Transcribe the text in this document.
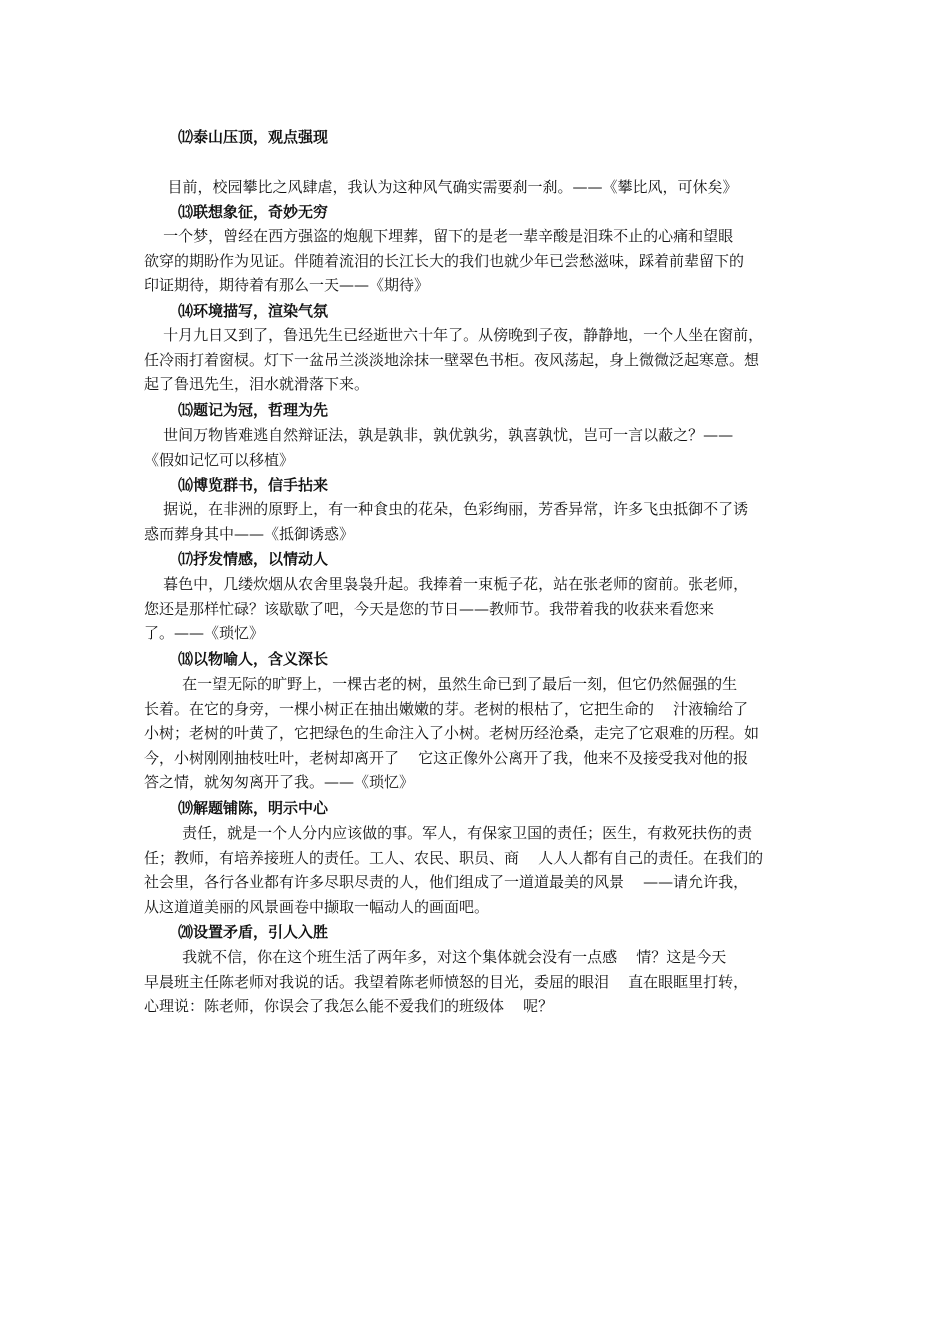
⑿泰山压顶，观点强现
目前，校园攀比之风肆虐，我认为这种风气确实需要刹一刹。——《攀比风，可休矣》
⒀联想象征，奇妙无穷
一个梦，曾经在西方强盗的炮舰下埋葬，留下的是老一辈辛酸是泪珠不止的心痛和望眼
欲穿的期盼作为见证。伴随着流泪的长江长大的我们也就少年已尝愁滋味，踩着前辈留下的
印证期待，期待着有那么一天——《期待》
⒁环境描写，渲染气氛
十月九日又到了，鲁迅先生已经逝世六十年了。从傍晚到子夜，静静地，一个人坐在窗前，
任冷雨打着窗棂。灯下一盆吊兰淡淡地涂抹一壁翠色书柜。夜风荡起，身上微微泛起寒意。想
起了鲁迅先生，泪水就滑落下来。
⒂题记为冠，哲理为先
世间万物皆难逃自然辩证法，孰是孰非，孰优孰劣，孰喜孰忧，岂可一言以蔽之？——
《假如记忆可以移植》
⒃博览群书，信手拈来
据说，在非洲的原野上，有一种食虫的花朵，色彩绚丽，芳香异常，许多飞虫抵御不了诱
惑而葬身其中——《抵御诱惑》
⒄抒发情感，以情动人
暮色中，几缕炊烟从农舍里袅袅升起。我捧着一束栀子花，站在张老师的窗前。张老师，
您还是那样忙碌？该歇歇了吧，今天是您的节日——教师节。我带着我的收获来看您来
了。——《琐忆》
⒅以物喻人，含义深长
在一望无际的旷野上，一棵古老的树，虽然生命已到了最后一刻，但它仍然倔强的生
长着。在它的身旁，一棵小树正在抽出嫩嫩的芽。老树的根枯了，它把生命的    汁液输给了
小树；老树的叶黄了，它把绿色的生命注入了小树。老树历经沧桑，走完了它艰难的历程。如
今，小树刚刚抽枝吐叶，老树却离开了    它这正像外公离开了我，他来不及接受我对他的报
答之情，就匆匆离开了我。——《琐忆》
⒆解题铺陈，明示中心
责任，就是一个人分内应该做的事。军人，有保家卫国的责任；医生，有救死扶伤的责
任；教师，有培养接班人的责任。工人、农民、职员、商    人人人都有自己的责任。在我们的
社会里，各行各业都有许多尽职尽责的人，他们组成了一道道最美的风景    ——请允许我，
从这道道美丽的风景画卷中撷取一幅动人的画面吧。
⒇设置矛盾，引人入胜
我就不信，你在这个班生活了两年多，对这个集体就会没有一点感    情？这是今天
早晨班主任陈老师对我说的话。我望着陈老师愤怒的目光，委屈的眼泪    直在眼眶里打转，
心理说：陈老师，你误会了我怎么能不爱我们的班级体    呢？
